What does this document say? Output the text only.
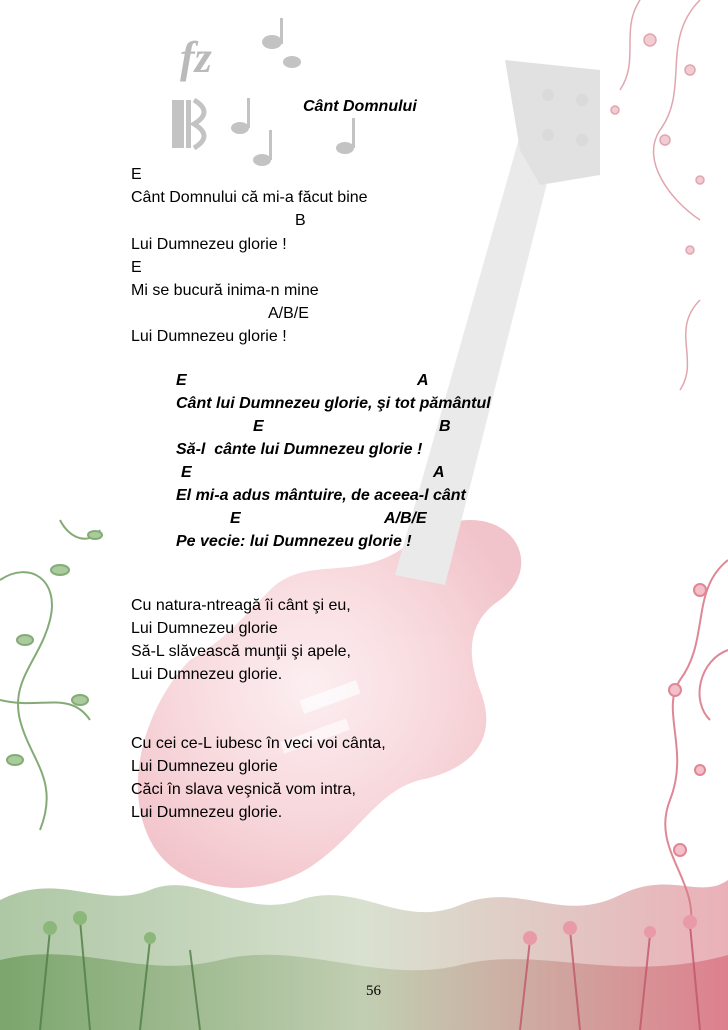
fz
Cânt Domnului
E
Cânt Domnului că mi-a făcut bine
B
Lui Dumnezeu glorie !
E
Mi se bucură inima-n mine
A/B/E
Lui Dumnezeu glorie !
E	A
Cânt lui Dumnezeu glorie, şi tot pământul
E	B
Să-l  cânte lui Dumnezeu glorie !
E	A
El mi-a adus mântuire, de aceea-l cânt
E	A/B/E
Pe vecie: lui Dumnezeu glorie !
Cu natura-ntreagă îi cânt şi eu,
Lui Dumnezeu glorie
Să-L slăvească munţii şi apele,
Lui Dumnezeu glorie.
Cu cei ce-L iubesc în veci voi cânta,
Lui Dumnezeu glorie
Căci în slava veşnică vom intra,
Lui Dumnezeu glorie.
56
